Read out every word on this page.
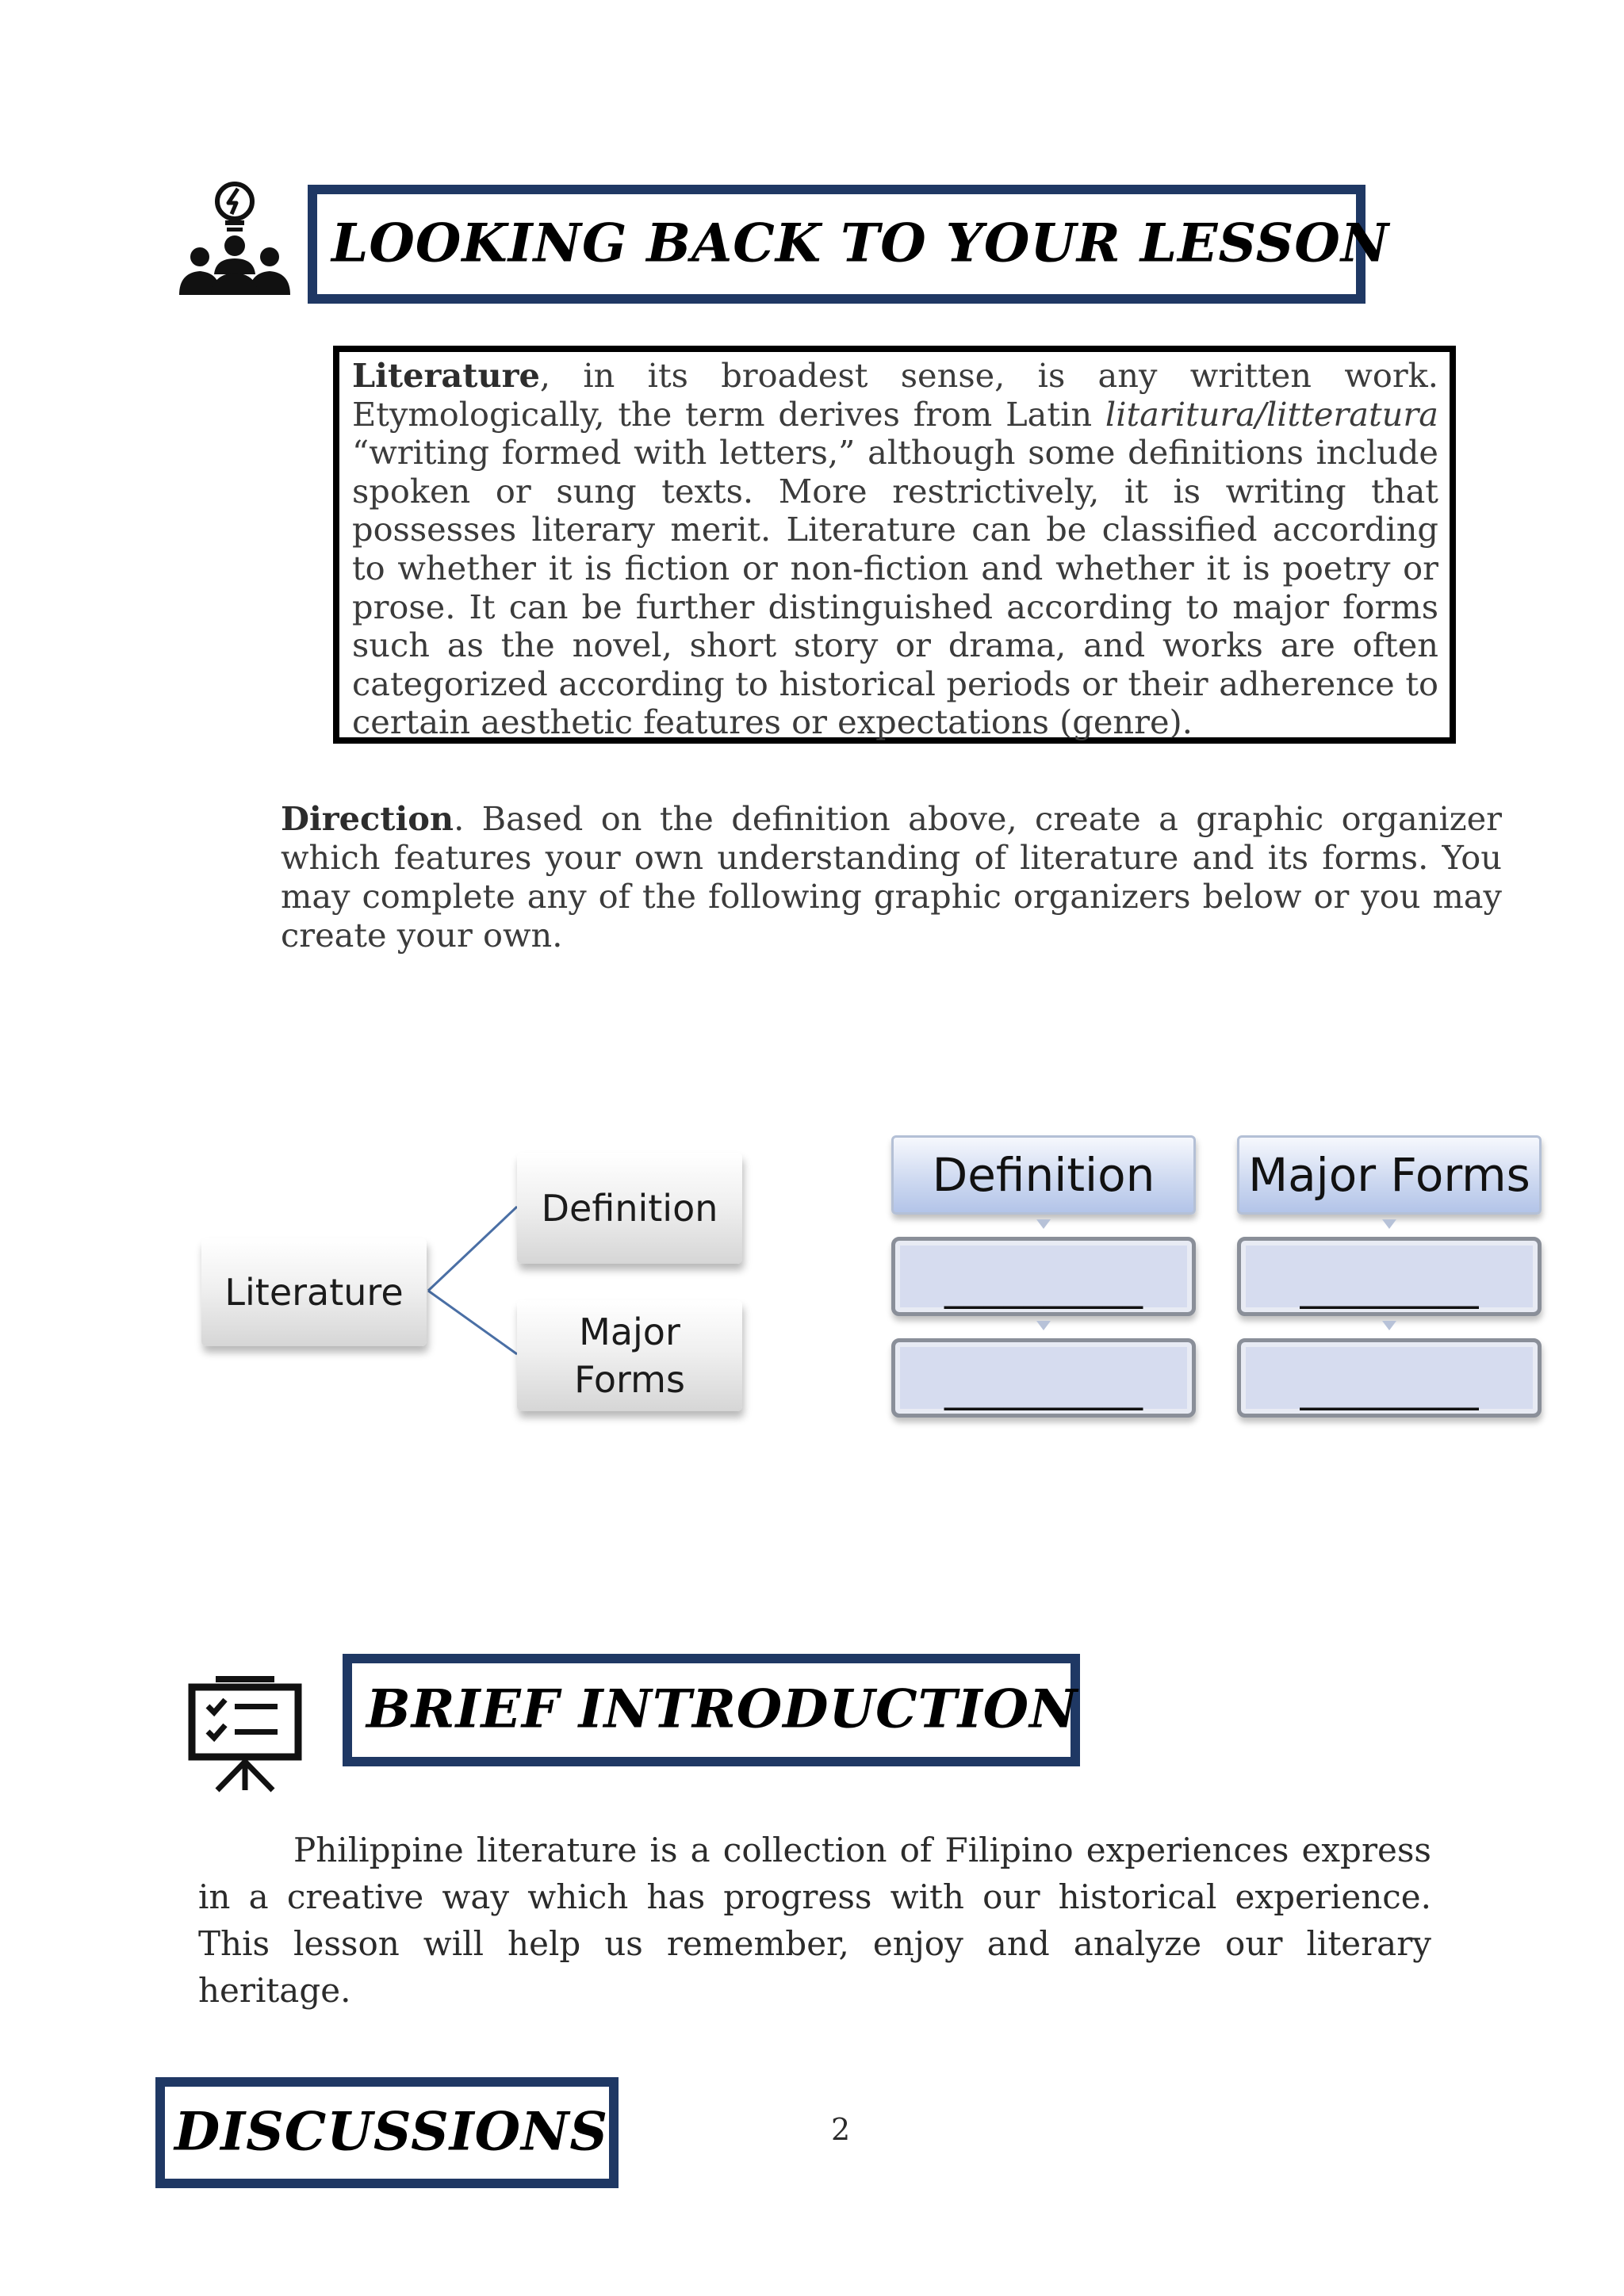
LOOKING BACK TO YOUR LESSON
Literature, in its broadest sense, is any written work. Etymologically, the term derives from Latin litaritura/litteratura “writing formed with letters,” although some definitions include spoken or sung texts. More restrictively, it is writing that possesses literary merit. Literature can be classified according to whether it is fiction or non-fiction and whether it is poetry or prose. It can be further distinguished according to major forms such as the novel, short story or drama, and works are often categorized according to historical periods or their adherence to certain aesthetic features or expectations (genre).
Direction. Based on the definition above, create a graphic organizer which features your own understanding of literature and its forms. You may complete any of the following graphic organizers below or you may create your own.
Literature
Definition
Major
Forms
Definition
__________
__________
Major Forms
_________
_________
BRIEF INTRODUCTION
Philippine literature is a collection of Filipino experiences express in a creative way which has progress with our historical experience. This lesson will help us remember, enjoy and analyze our literary heritage.
DISCUSSIONS	2
